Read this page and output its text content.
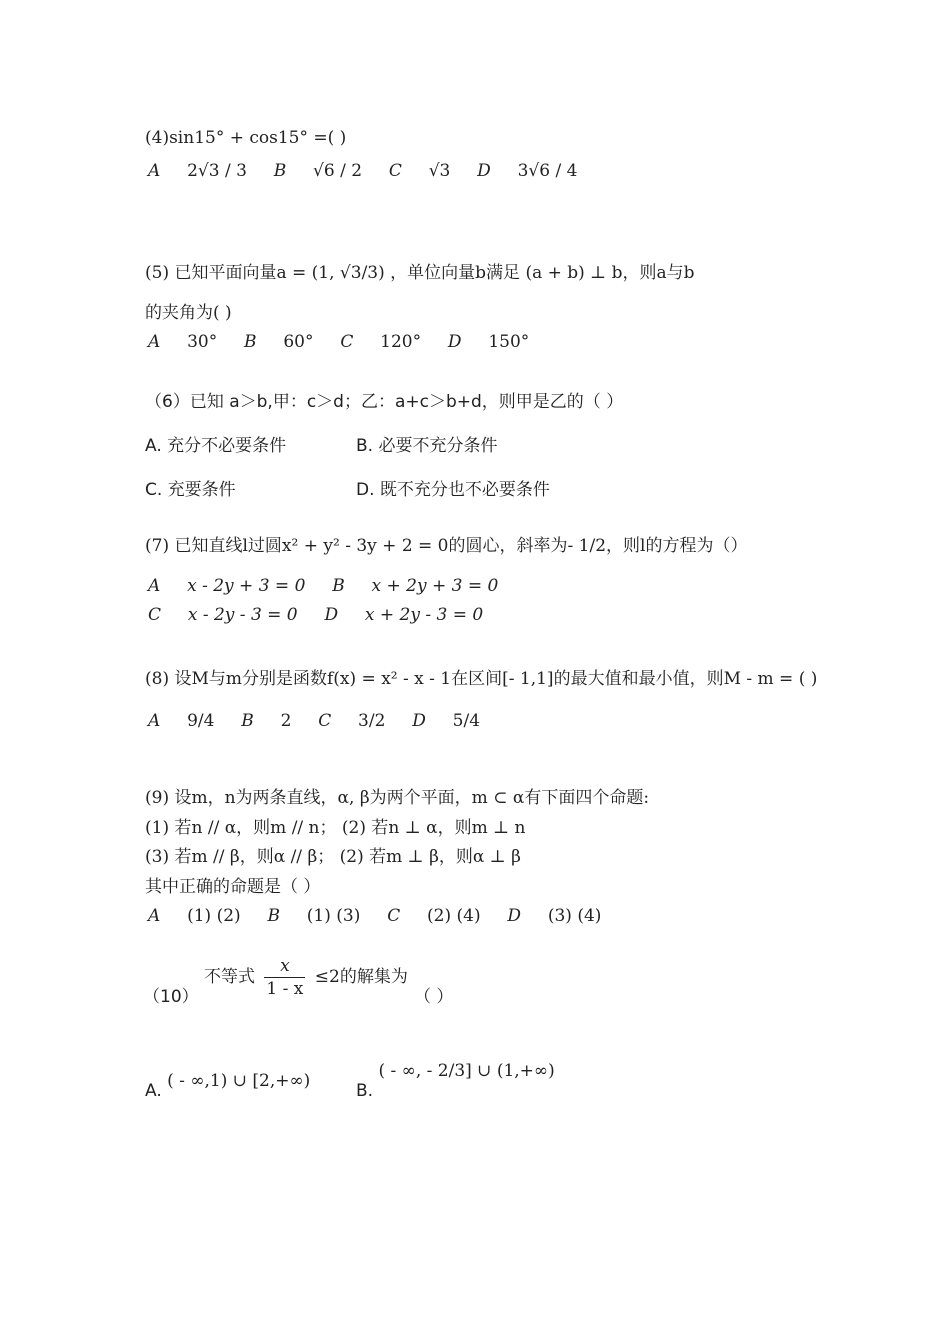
(4)sin15° + cos15° =( )
A 2√3 / 3 B √6 / 2 C √3 D 3√6 / 4
(5) 已知平面向量a = (1, √3/3) ，单位向量b满足 (a + b) ⊥ b，则a与b
的夹角为( )
A 30° B 60° C 120° D 150°
（6）已知 a＞b,甲：c＞d；乙：a+c＞b+d，则甲是乙的（ ）
A. 充分不必要条件	B. 必要不充分条件
C. 充要条件	D. 既不充分也不必要条件
(7) 已知直线l过圆x² + y² - 3y + 2 = 0的圆心，斜率为- 1/2，则l的方程为（）
A x - 2y + 3 = 0 B x + 2y + 3 = 0
C x - 2y - 3 = 0 D x + 2y - 3 = 0
(8) 设M与m分别是函数f(x) = x² - x - 1在区间[- 1,1]的最大值和最小值，则M - m = ( )
A 9/4 B 2 C 3/2 D 5/4
(9) 设m，n为两条直线，α, β为两个平面，m ⊂ α有下面四个命题:
(1) 若n // α，则m // n； (2) 若n ⊥ α，则m ⊥ n
(3) 若m // β，则α // β； (2) 若m ⊥ β，则α ⊥ β
其中正确的命题是（ ）
A (1) (2) B (1) (3) C (2) (4) D (3) (4)
（10）
不等式 $\frac{x}{1 - x} \le 2$的解集为
（ ）
A. ( - ∞,1) ∪ [2,+∞)	B. ( - ∞, - 2/3] ∪ (1,+∞)
